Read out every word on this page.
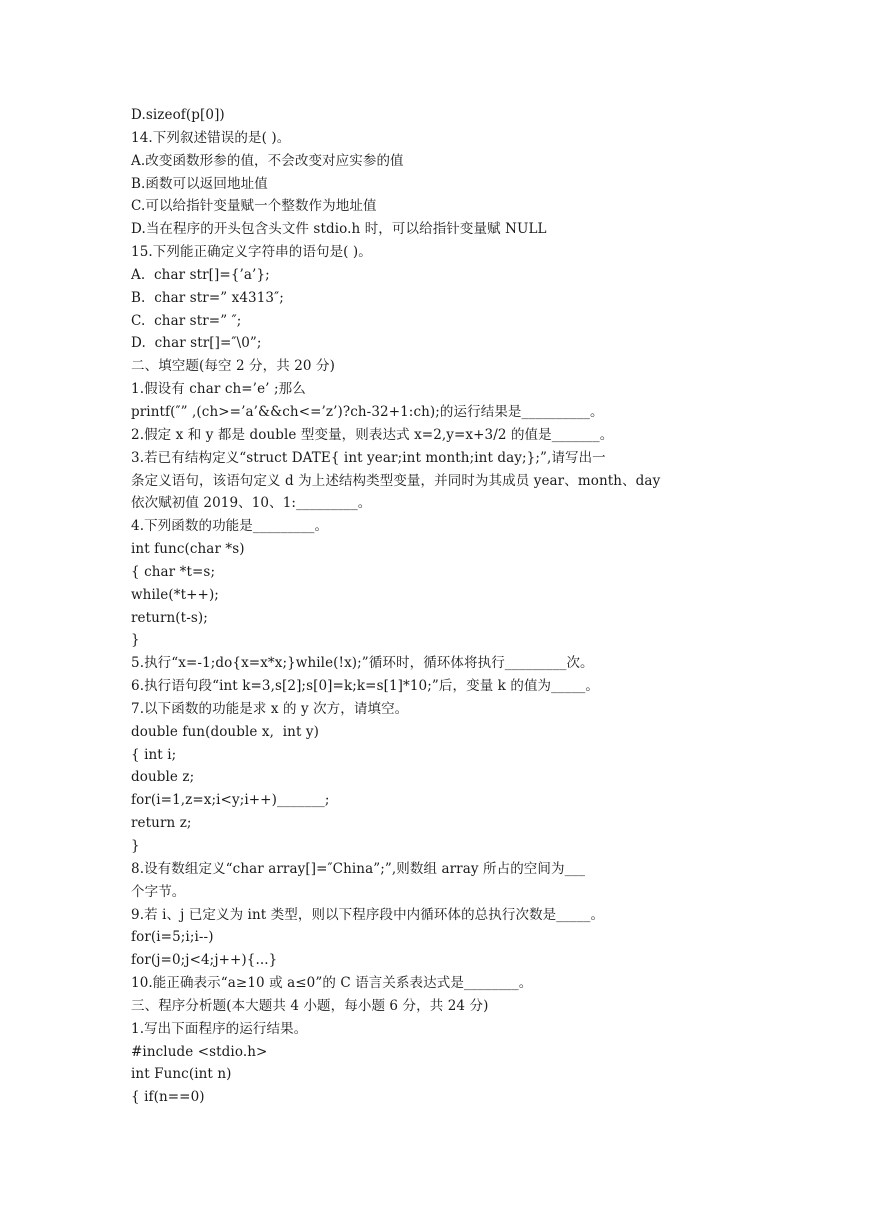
D.sizeof(p[0])
14.下列叙述错误的是( )。
A.改变函数形参的值，不会改变对应实参的值
B.函数可以返回地址值
C.可以给指针变量赋一个整数作为地址值
D.当在程序的开头包含头文件 stdio.h 时，可以给指针变量赋 NULL
15.下列能正确定义字符串的语句是( )。
A.  char str[]={’a’};
B.  char str=” x4313″;
C.  char str=” ″;
D.  char str[]=″\0”;
二、填空题(每空 2 分，共 20 分)
1.假设有 char ch=’e’ ;那么
printf(″” ,(ch>=’a’&&ch<=’z’)?ch-32+1:ch);的运行结果是__________。
2.假定 x 和 y 都是 double 型变量，则表达式 x=2,y=x+3/2 的值是_______。
3.若已有结构定义“struct DATE{ int year;int month;int day;};”,请写出一
条定义语句，该语句定义 d 为上述结构类型变量，并同时为其成员 year、month、day
依次赋初值 2019、10、1:_________。
4.下列函数的功能是_________。
int func(char *s)
{ char *t=s;
while(*t++);
return(t-s);
}
5.执行“x=-1;do{x=x*x;}while(!x);”循环时，循环体将执行_________次。
6.执行语句段“int k=3,s[2];s[0]=k;k=s[1]*10;”后，变量 k 的值为_____。
7.以下函数的功能是求 x 的 y 次方，请填空。
double fun(double x,  int y)
{ int i;
double z;
for(i=1,z=x;i<y;i++)_______;
return z;
}
8.设有数组定义“char array[]=″China”;”,则数组 array 所占的空间为___
个字节。
9.若 i、j 已定义为 int 类型，则以下程序段中内循环体的总执行次数是_____。
for(i=5;i;i--)
for(j=0;j<4;j++){...}
10.能正确表示“a≥10 或 a≤0”的 C 语言关系表达式是________。
三、程序分析题(本大题共 4 小题，每小题 6 分，共 24 分)
1.写出下面程序的运行结果。
#include <stdio.h>
int Func(int n)
{ if(n==0)
